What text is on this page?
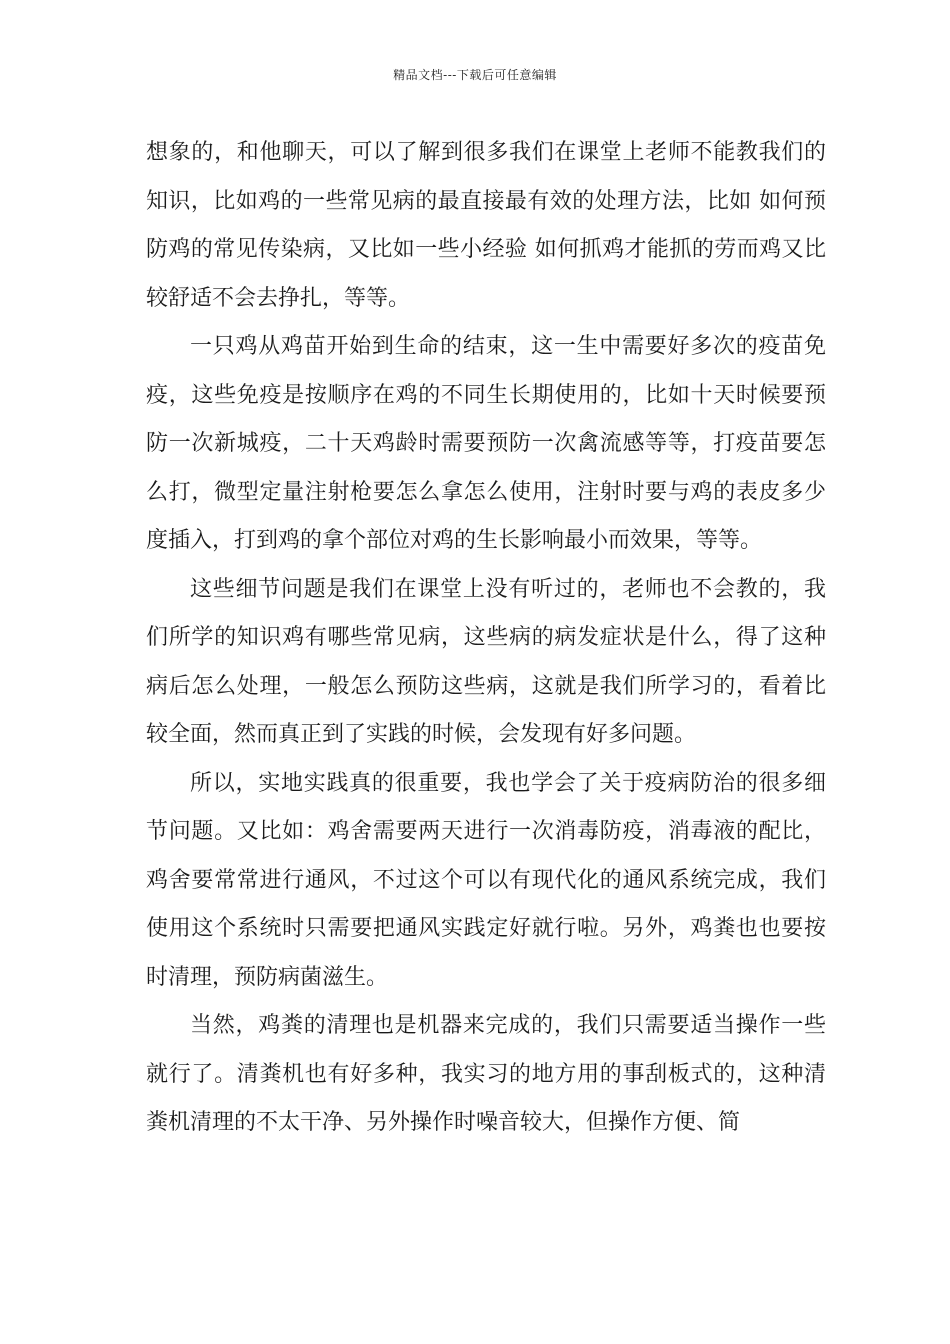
精品文档---下载后可任意编辑

想象的，和他聊天，可以了解到很多我们在课堂上老师不能教我们的知识，比如鸡的一些常见病的最直接最有效的处理方法，比如 如何预防鸡的常见传染病，又比如一些小经验 如何抓鸡才能抓的劳而鸡又比较舒适不会去挣扎，等等。

一只鸡从鸡苗开始到生命的结束，这一生中需要好多次的疫苗免疫，这些免疫是按顺序在鸡的不同生长期使用的，比如十天时候要预防一次新城疫，二十天鸡龄时需要预防一次禽流感等等，打疫苗要怎么打，微型定量注射枪要怎么拿怎么使用，注射时要与鸡的表皮多少度插入，打到鸡的拿个部位对鸡的生长影响最小而效果，等等。

这些细节问题是我们在课堂上没有听过的，老师也不会教的，我们所学的知识鸡有哪些常见病，这些病的病发症状是什么，得了这种病后怎么处理，一般怎么预防这些病，这就是我们所学习的，看着比较全面，然而真正到了实践的时候，会发现有好多问题。

所以，实地实践真的很重要，我也学会了关于疫病防治的很多细节问题。又比如：鸡舍需要两天进行一次消毒防疫，消毒液的配比，鸡舍要常常进行通风，不过这个可以有现代化的通风系统完成，我们使用这个系统时只需要把通风实践定好就行啦。另外，鸡粪也也要按时清理，预防病菌滋生。

当然，鸡粪的清理也是机器来完成的，我们只需要适当操作一些就行了。清粪机也有好多种，我实习的地方用的事刮板式的，这种清粪机清理的不太干净、另外操作时噪音较大，但操作方便、简
